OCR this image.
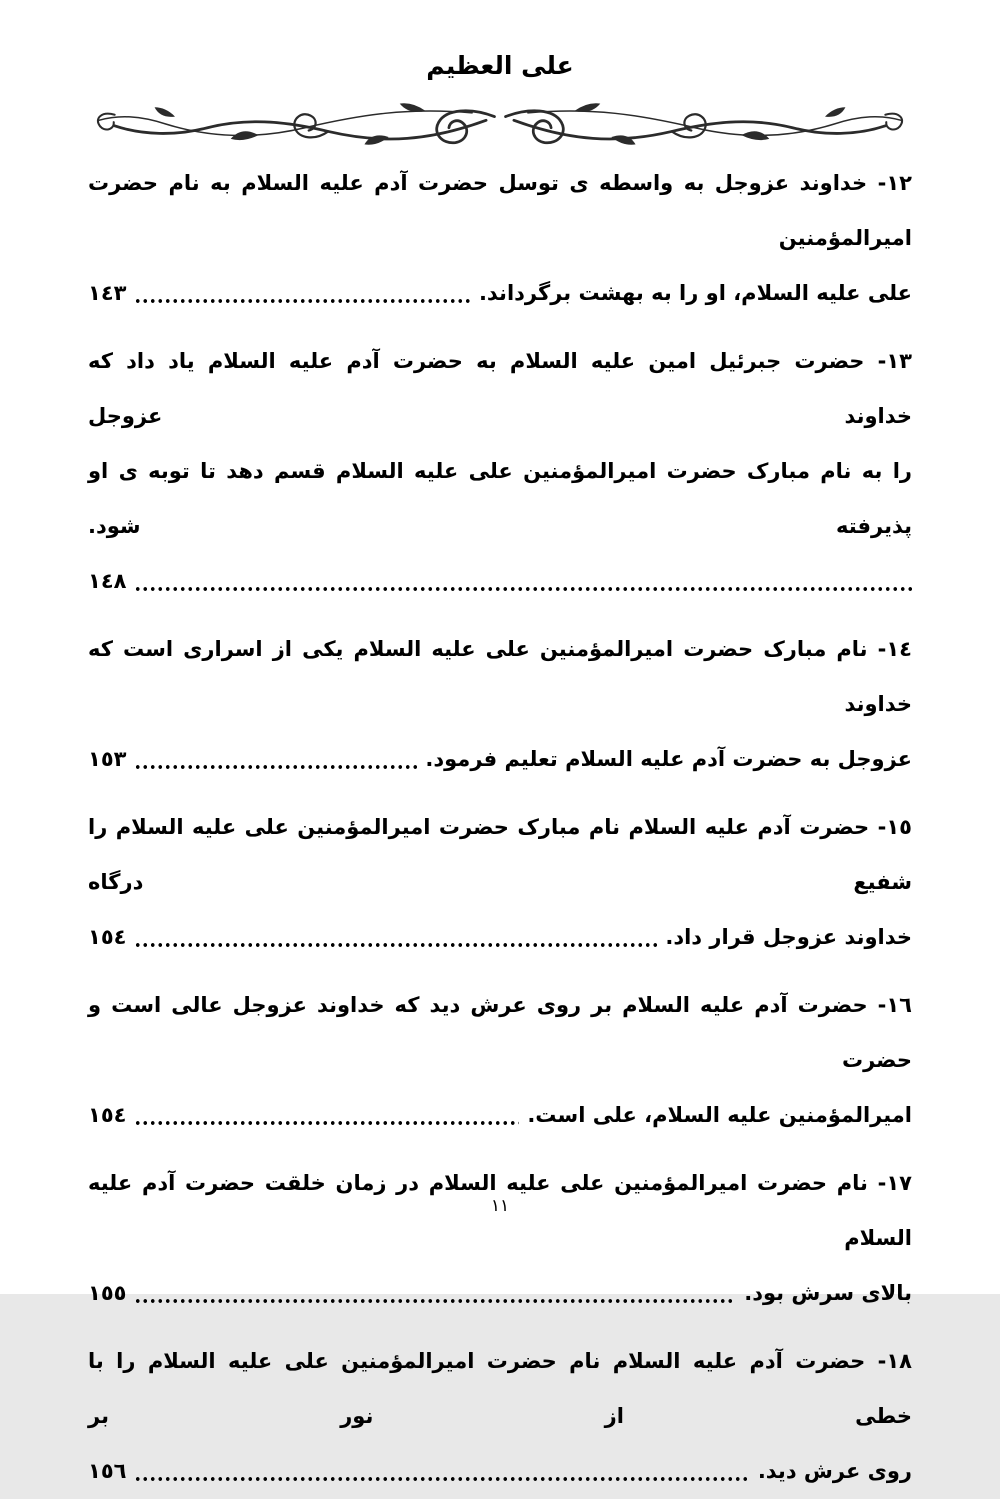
علی العظیم
١٢- خداوند عزوجل به واسطه ی توسل حضرت آدم علیه السلام به نام حضرت امیرالمؤمنین
علی علیه السلام، او را به بهشت برگرداند.
١٤٣
١٣- حضرت جبرئیل امین علیه السلام به حضرت آدم علیه السلام یاد داد که خداوند عزوجل
را به نام مبارک حضرت امیرالمؤمنین علی علیه السلام قسم دهد تا توبه ی او پذیرفته شود.
١٤٨
١٤- نام مبارک حضرت امیرالمؤمنین علی علیه السلام یکی از اسراری است که خداوند
عزوجل به حضرت آدم علیه السلام تعلیم فرمود.
١٥٣
١٥- حضرت آدم علیه السلام نام مبارک حضرت امیرالمؤمنین علی علیه السلام را شفیع درگاه
خداوند عزوجل قرار داد.
١٥٤
١٦- حضرت آدم علیه السلام بر روی عرش دید که خداوند عزوجل عالی است و حضرت
امیرالمؤمنین علیه السلام، علی است.
١٥٤
١٧- نام حضرت امیرالمؤمنین علی علیه السلام در زمان خلقت حضرت آدم علیه السلام
بالای سرش بود.
١٥٥
١٨- حضرت آدم علیه السلام نام حضرت امیرالمؤمنین علی علیه السلام را با خطی از نور بر
روی عرش دید.
١٥٦
١١
